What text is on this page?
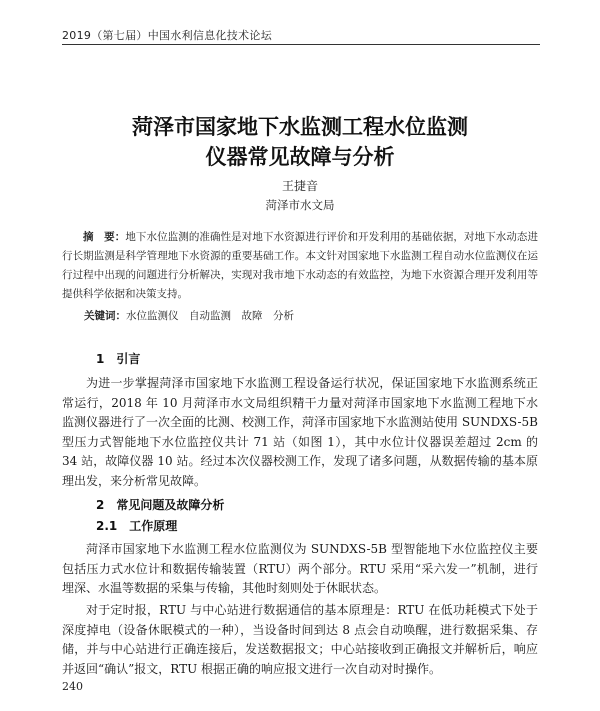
2019（第七届）中国水利信息化技术论坛
菏泽市国家地下水监测工程水位监测
仪器常见故障与分析
王捷音
菏泽市水文局
摘　要：地下水位监测的准确性是对地下水资源进行评价和开发利用的基础依据，对地下水动态进行长期监测是科学管理地下水资源的重要基础工作。本文针对国家地下水监测工程自动水位监测仪在运行过程中出现的问题进行分析解决，实现对我市地下水动态的有效监控，为地下水资源合理开发利用等提供科学依据和决策支持。
关键词：水位监测仪　自动监测　故障　分析
1　引言
为进一步掌握菏泽市国家地下水监测工程设备运行状况，保证国家地下水监测系统正常运行，2018 年 10 月菏泽市水文局组织精干力量对菏泽市国家地下水监测工程地下水监测仪器进行了一次全面的比测、校测工作，菏泽市国家地下水监测站使用 SUNDXS-5B 型压力式智能地下水位监控仪共计 71 站（如图 1），其中水位计仪器误差超过 2cm 的 34 站，故障仪器 10 站。经过本次仪器校测工作，发现了诸多问题，从数据传输的基本原理出发，来分析常见故障。
2　常见问题及故障分析
2.1　工作原理
菏泽市国家地下水监测工程水位监测仪为 SUNDXS-5B 型智能地下水位监控仪主要包括压力式水位计和数据传输装置（RTU）两个部分。RTU 采用“采六发一”机制，进行埋深、水温等数据的采集与传输，其他时刻则处于休眠状态。
对于定时报，RTU 与中心站进行数据通信的基本原理是：RTU 在低功耗模式下处于深度掉电（设备休眠模式的一种），当设备时间到达 8 点会自动唤醒，进行数据采集、存储，并与中心站进行正确连接后，发送数据报文；中心站接收到正确报文并解析后，响应并返回“确认”报文，RTU 根据正确的响应报文进行一次自动对时操作。
240
